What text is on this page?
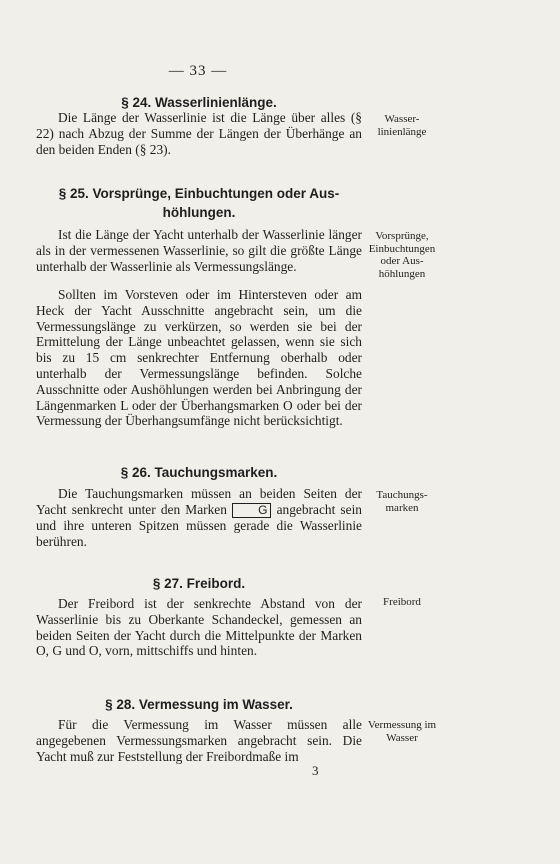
— 33 —
§ 24. Wasserlinienlänge.
Die Länge der Wasserlinie ist die Länge über alles (§ 22) nach Abzug der Summe der Längen der Überhänge an den beiden Enden (§ 23).
Wasser-linienlänge
§ 25. Vorsprünge, Einbuchtungen oder Aus-
höhlungen.
Ist die Länge der Yacht unterhalb der Wasserlinie länger als in der vermessenen Wasserlinie, so gilt die größte Länge unterhalb der Wasserlinie als Vermessungslänge.
Sollten im Vorsteven oder im Hintersteven oder am Heck der Yacht Ausschnitte angebracht sein, um die Vermessungslänge zu verkürzen, so werden sie bei der Ermittelung der Länge unbeachtet gelassen, wenn sie sich bis zu 15 cm senkrechter Entfernung oberhalb oder unterhalb der Vermessungslänge befinden. Solche Ausschnitte oder Aushöhlungen werden bei Anbringung der Längenmarken L oder der Überhangsmarken O oder bei der Vermessung der Überhangsumfänge nicht berücksichtigt.
Vorsprünge, Einbuchtungen oder Aus-höhlungen
§ 26. Tauchungsmarken.
Die Tauchungsmarken müssen an beiden Seiten der Yacht senkrecht unter den Marken	G angebracht sein und ihre unteren Spitzen müssen gerade die Wasserlinie berühren.
Tauchungs-marken
§ 27. Freibord.
Der Freibord ist der senkrechte Abstand von der Wasserlinie bis zu Oberkante Schandeckel, gemessen an beiden Seiten der Yacht durch die Mittelpunkte der Marken O, G und O, vorn, mittschiffs und hinten.
Freibord
§ 28. Vermessung im Wasser.
Für die Vermessung im Wasser müssen alle angegebenen Vermessungsmarken angebracht sein. Die Yacht muß zur Feststellung der Freibordmaße im
Vermessung im Wasser
3
